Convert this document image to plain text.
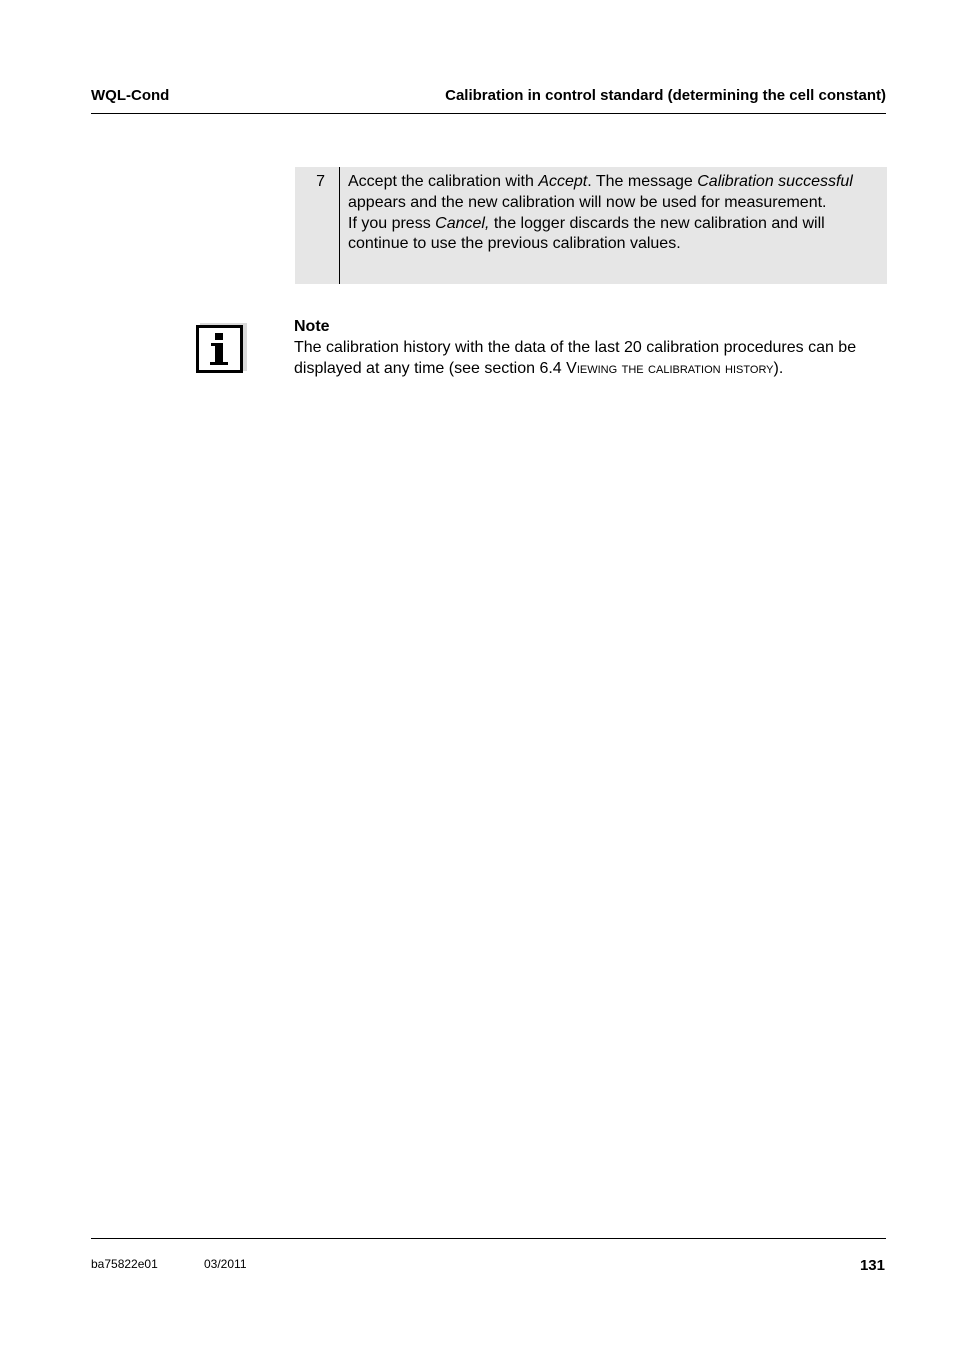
WQL-Cond	Calibration in control standard (determining the cell constant)
7 Accept the calibration with Accept. The message Calibration successful appears and the new calibration will now be used for measurement.

If you press Cancel, the logger discards the new calibration and will continue to use the previous calibration values.

Note
The calibration history with the data of the last 20 calibration procedures can be displayed at any time (see section 6.4 Viewing the calibration history).
ba75822e01	03/2011	131
